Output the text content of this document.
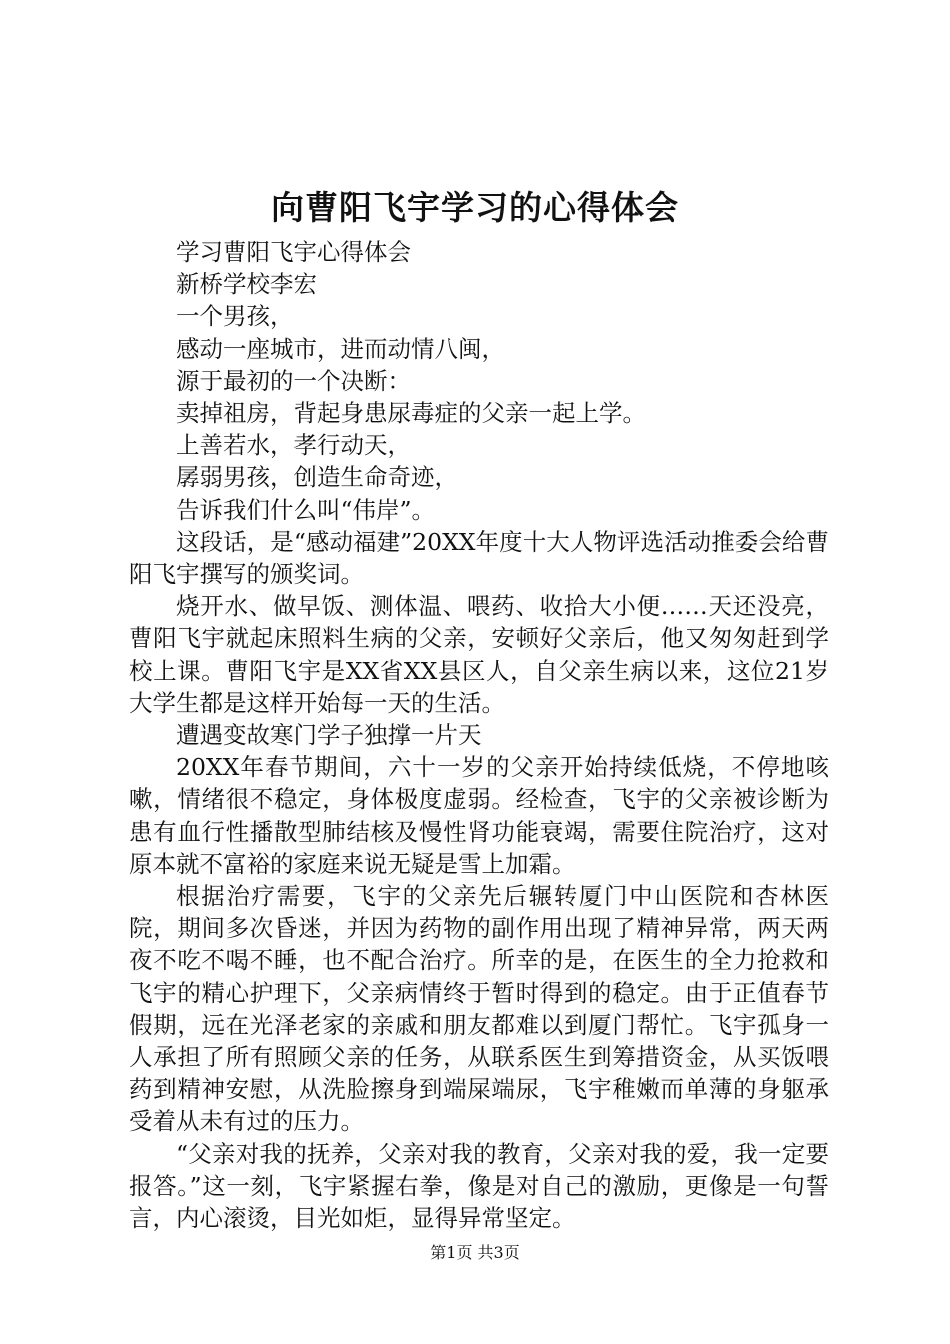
向曹阳飞宇学习的心得体会

学习曹阳飞宇心得体会

新桥学校李宏

一个男孩，

感动一座城市，进而动情八闽，

源于最初的一个决断：

卖掉祖房，背起身患尿毒症的父亲一起上学。

上善若水，孝行动天，

孱弱男孩，创造生命奇迹，

告诉我们什么叫“伟岸”。

这段话，是“感动福建”20XX年度十大人物评选活动推委会给曹阳飞宇撰写的颁奖词。

烧开水、做早饭、测体温、喂药、收拾大小便……天还没亮，曹阳飞宇就起床照料生病的父亲，安顿好父亲后，他又匆匆赶到学校上课。曹阳飞宇是XX省XX县区人，自父亲生病以来，这位21岁大学生都是这样开始每一天的生活。

遭遇变故寒门学子独撑一片天

20XX年春节期间，六十一岁的父亲开始持续低烧，不停地咳嗽，情绪很不稳定，身体极度虚弱。经检查，飞宇的父亲被诊断为患有血行性播散型肺结核及慢性肾功能衰竭，需要住院治疗，这对原本就不富裕的家庭来说无疑是雪上加霜。

根据治疗需要，飞宇的父亲先后辗转厦门中山医院和杏林医院，期间多次昏迷，并因为药物的副作用出现了精神异常，两天两夜不吃不喝不睡，也不配合治疗。所幸的是，在医生的全力抢救和飞宇的精心护理下，父亲病情终于暂时得到的稳定。由于正值春节假期，远在光泽老家的亲戚和朋友都难以到厦门帮忙。飞宇孤身一人承担了所有照顾父亲的任务，从联系医生到筹措资金，从买饭喂药到精神安慰，从洗脸擦身到端屎端尿，飞宇稚嫩而单薄的身躯承受着从未有过的压力。

“父亲对我的抚养，父亲对我的教育，父亲对我的爱，我一定要报答。”这一刻，飞宇紧握右拳，像是对自己的激励，更像是一句誓言，内心滚烫，目光如炬，显得异常坚定。

第1页 共3页
